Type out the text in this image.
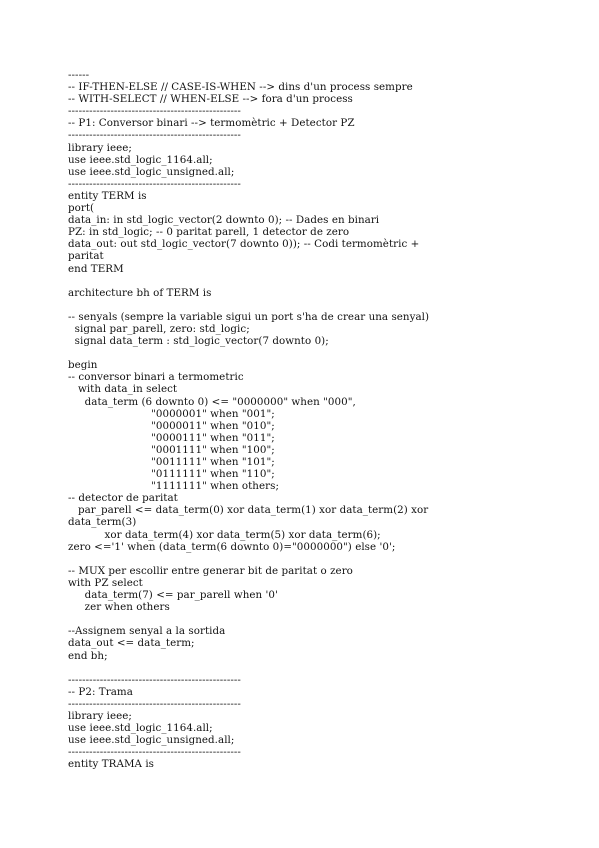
------
-- IF-THEN-ELSE // CASE-IS-WHEN --> dins d'un process sempre
-- WITH-SELECT // WHEN-ELSE --> fora d'un process
-------------------------------------------------
-- P1: Conversor binari --> termomètric + Detector PZ
-------------------------------------------------
library ieee;
use ieee.std_logic_1164.all;
use ieee.std_logic_unsigned.all;
-------------------------------------------------
entity TERM is
port(
data_in: in std_logic_vector(2 downto 0); -- Dades en binari
PZ: in std_logic; -- 0 paritat parell, 1 detector de zero
data_out: out std_logic_vector(7 downto 0)); -- Codi termomètric +
paritat
end TERM
architecture bh of TERM is
-- senyals (sempre la variable sigui un port s'ha de crear una senyal)
signal par_parell, zero: std_logic;
signal data_term : std_logic_vector(7 downto 0);
begin
-- conversor binari a termometric
with data_in select
data_term (6 downto 0) <= "0000000" when "000",
"0000001" when "001";
"0000011" when "010";
"0000111" when "011";
"0001111" when "100";
"0011111" when "101";
"0111111" when "110";
"1111111" when others;
-- detector de paritat
par_parell <= data_term(0) xor data_term(1) xor data_term(2) xor
data_term(3)
xor data_term(4) xor data_term(5) xor data_term(6);
zero <='1' when (data_term(6 downto 0)="0000000") else '0';
-- MUX per escollir entre generar bit de paritat o zero
with PZ select
data_term(7) <= par_parell when '0'
zer when others
--Assignem senyal a la sortida
data_out <= data_term;
end bh;
-------------------------------------------------
-- P2: Trama
-------------------------------------------------
library ieee;
use ieee.std_logic_1164.all;
use ieee.std_logic_unsigned.all;
-------------------------------------------------
entity TRAMA is
